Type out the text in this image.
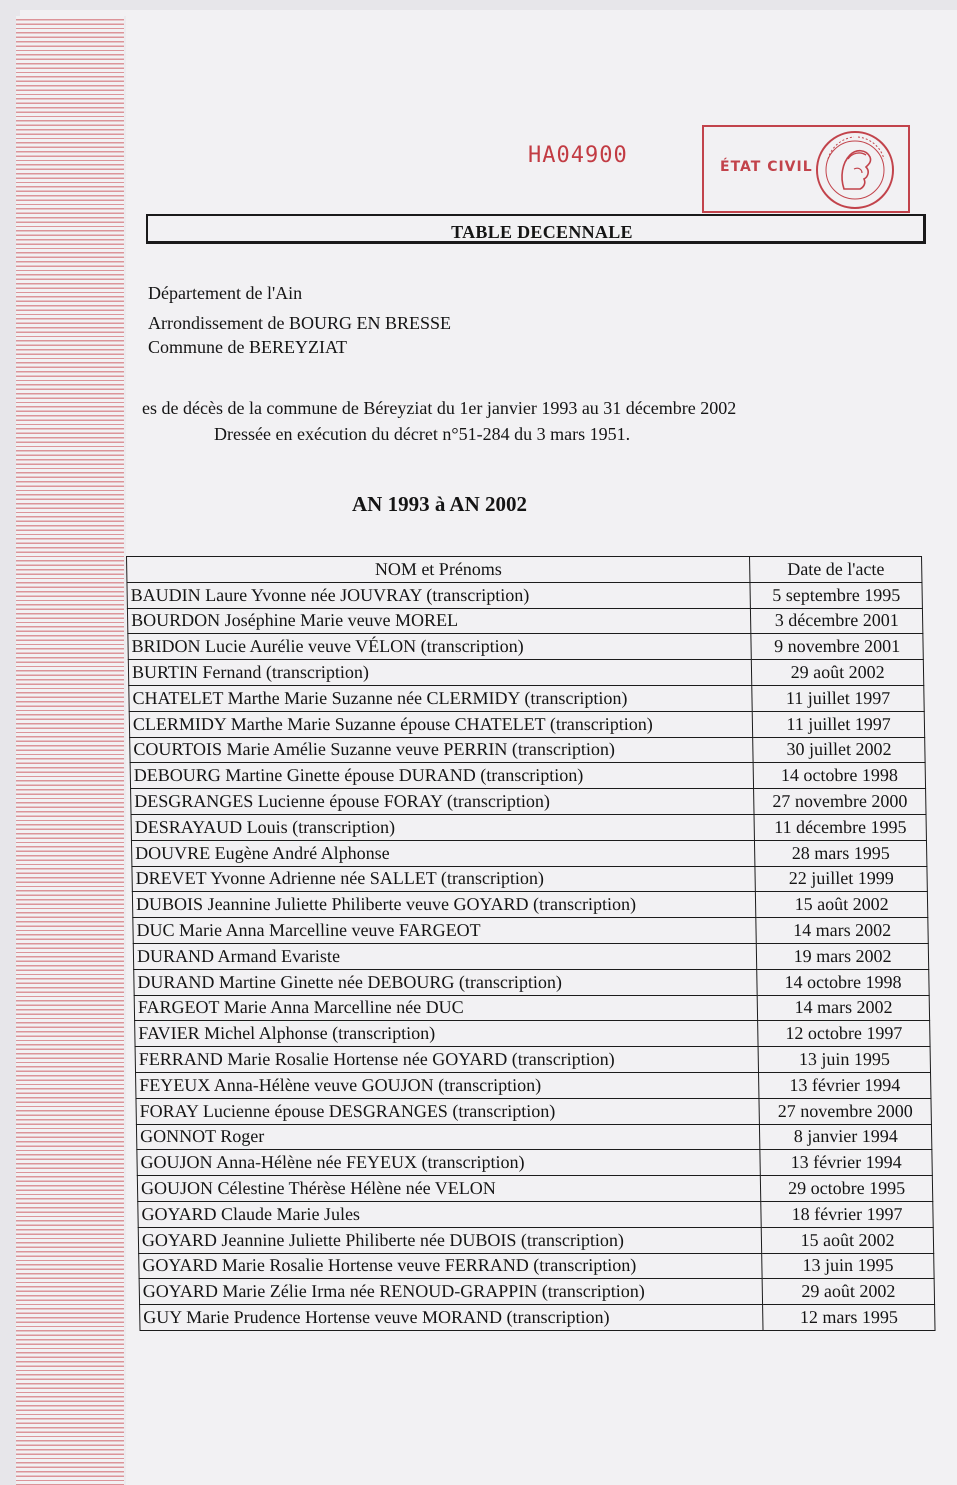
HA04900	ÉTAT CIVIL
TABLE DECENNALE
Département de l'Ain
Arrondissement de BOURG EN BRESSE
Commune de BEREYZIAT
es de décès de la commune de Béreyziat du 1er janvier 1993 au 31 décembre 2002
Dressée en exécution du décret n°51-284 du 3 mars 1951.
AN 1993 à AN 2002
NOM et Prénoms	Date de l'acte
BAUDIN Laure Yvonne née JOUVRAY (transcription)	5 septembre 1995
BOURDON Joséphine Marie veuve MOREL	3 décembre 2001
BRIDON Lucie Aurélie veuve VÉLON (transcription)	9 novembre 2001
BURTIN Fernand (transcription)	29 août 2002
CHATELET Marthe Marie Suzanne née CLERMIDY (transcription)	11 juillet 1997
CLERMIDY Marthe Marie Suzanne épouse CHATELET (transcription)	11 juillet 1997
COURTOIS Marie Amélie Suzanne veuve PERRIN (transcription)	30 juillet 2002
DEBOURG Martine Ginette épouse DURAND (transcription)	14 octobre 1998
DESGRANGES Lucienne épouse FORAY (transcription)	27 novembre 2000
DESRAYAUD Louis (transcription)	11 décembre 1995
DOUVRE Eugène André Alphonse	28 mars 1995
DREVET Yvonne Adrienne née SALLET (transcription)	22 juillet 1999
DUBOIS Jeannine Juliette Philiberte veuve GOYARD (transcription)	15 août 2002
DUC Marie Anna Marcelline veuve FARGEOT	14 mars 2002
DURAND Armand Evariste	19 mars 2002
DURAND Martine Ginette née DEBOURG (transcription)	14 octobre 1998
FARGEOT Marie Anna Marcelline née DUC	14 mars 2002
FAVIER Michel Alphonse (transcription)	12 octobre 1997
FERRAND Marie Rosalie Hortense née GOYARD (transcription)	13 juin 1995
FEYEUX Anna-Hélène veuve GOUJON (transcription)	13 février 1994
FORAY Lucienne épouse DESGRANGES (transcription)	27 novembre 2000
GONNOT Roger	8 janvier 1994
GOUJON Anna-Hélène née FEYEUX (transcription)	13 février 1994
GOUJON Célestine Thérèse Hélène née VELON	29 octobre 1995
GOYARD Claude Marie Jules	18 février 1997
GOYARD Jeannine Juliette Philiberte née DUBOIS (transcription)	15 août 2002
GOYARD Marie Rosalie Hortense veuve FERRAND (transcription)	13 juin 1995
GOYARD Marie Zélie Irma née RENOUD-GRAPPIN (transcription)	29 août 2002
GUY Marie Prudence Hortense veuve MORAND (transcription)	12 mars 1995
